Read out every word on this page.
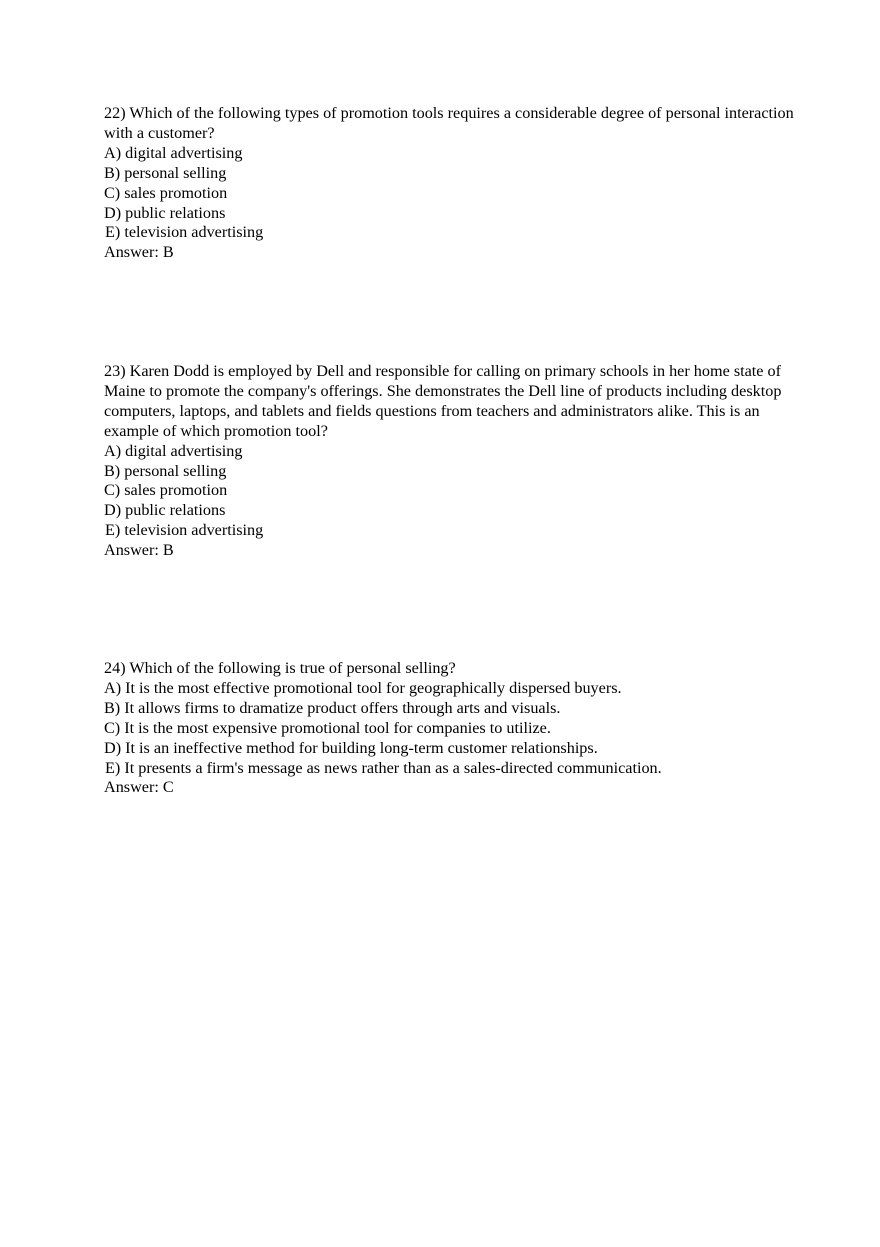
22) Which of the following types of promotion tools requires a considerable degree of personal interaction with a customer?
A) digital advertising
B) personal selling
C) sales promotion
D) public relations
E) television advertising
Answer: B
23) Karen Dodd is employed by Dell and responsible for calling on primary schools in her home state of Maine to promote the company's offerings. She demonstrates the Dell line of products including desktop computers, laptops, and tablets and fields questions from teachers and administrators alike. This is an example of which promotion tool?
A) digital advertising
B) personal selling
C) sales promotion
D) public relations
E) television advertising
Answer: B
24) Which of the following is true of personal selling?
A) It is the most effective promotional tool for geographically dispersed buyers.
B) It allows firms to dramatize product offers through arts and visuals.
C) It is the most expensive promotional tool for companies to utilize.
D) It is an ineffective method for building long-term customer relationships.
E) It presents a firm's message as news rather than as a sales-directed communication.
Answer: C
